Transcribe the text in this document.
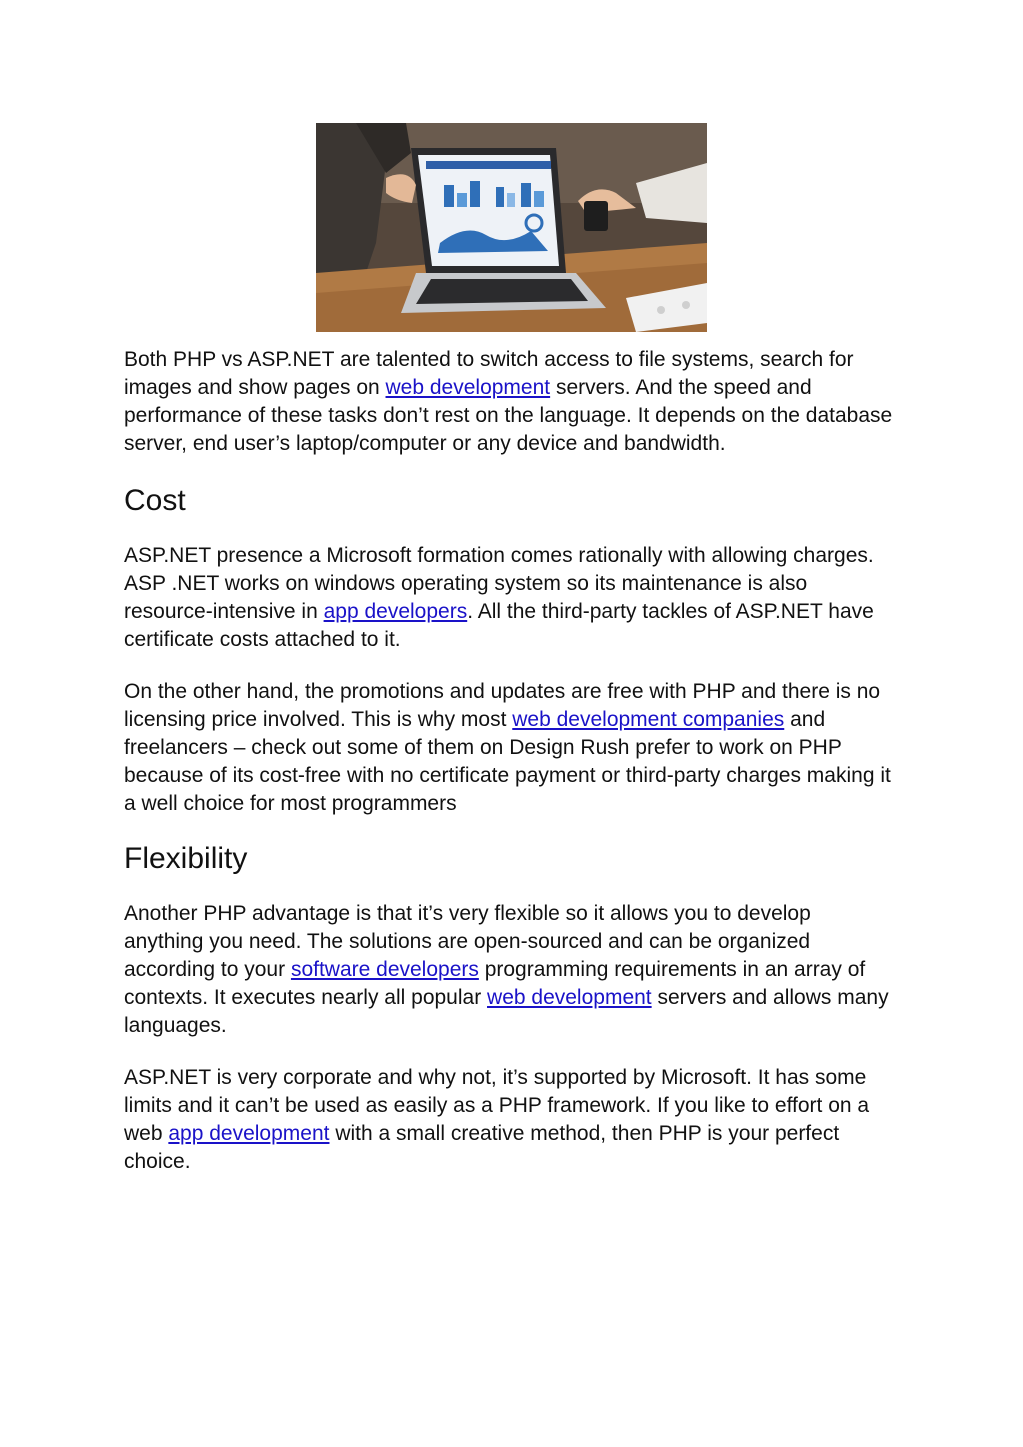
Both PHP vs ASP.NET are talented to switch access to file systems, search for images and show pages on web development servers. And the speed and performance of these tasks don’t rest on the language. It depends on the database server, end user’s laptop/computer or any device and bandwidth.

Cost

ASP.NET presence a Microsoft formation comes rationally with allowing charges. ASP .NET works on windows operating system so its maintenance is also resource-intensive in app developers. All the third-party tackles of ASP.NET have certificate costs attached to it.

On the other hand, the promotions and updates are free with PHP and there is no licensing price involved. This is why most web development companies and freelancers – check out some of them on Design Rush prefer to work on PHP because of its cost-free with no certificate payment or third-party charges making it a well choice for most programmers

Flexibility

Another PHP advantage is that it’s very flexible so it allows you to develop anything you need. The solutions are open-sourced and can be organized according to your software developers programming requirements in an array of contexts. It executes nearly all popular web development servers and allows many languages.

ASP.NET is very corporate and why not, it’s supported by Microsoft. It has some limits and it can’t be used as easily as a PHP framework. If you like to effort on a web app development with a small creative method, then PHP is your perfect choice.
